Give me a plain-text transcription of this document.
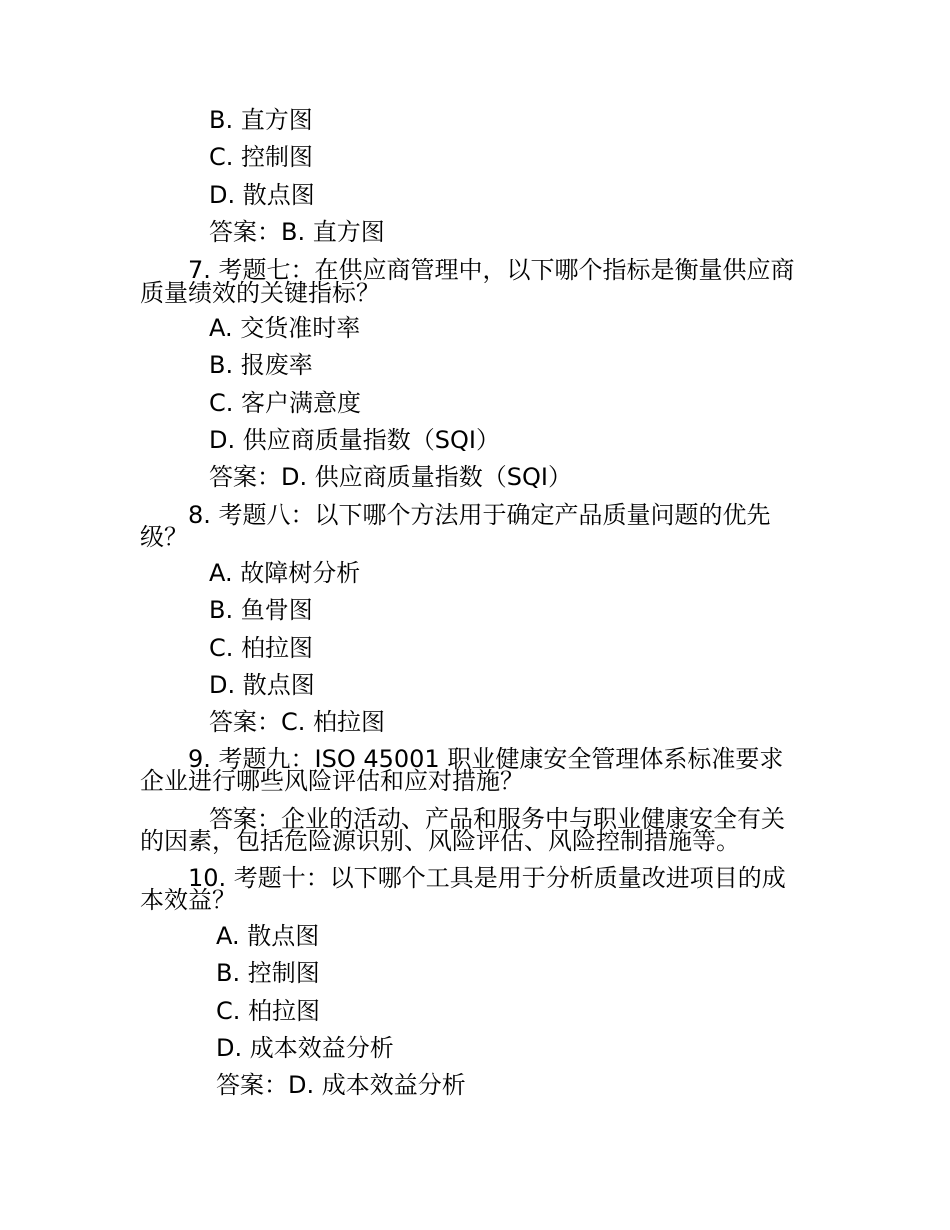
B. 直方图
C. 控制图
D. 散点图
答案：B. 直方图
7. 考题七：在供应商管理中，以下哪个指标是衡量供应商
质量绩效的关键指标？
A. 交货准时率
B. 报废率
C. 客户满意度
D. 供应商质量指数（SQI）
答案：D. 供应商质量指数（SQI）
8. 考题八：以下哪个方法用于确定产品质量问题的优先
级？
A. 故障树分析
B. 鱼骨图
C. 柏拉图
D. 散点图
答案：C. 柏拉图
9. 考题九：ISO 45001 职业健康安全管理体系标准要求
企业进行哪些风险评估和应对措施？
答案：企业的活动、产品和服务中与职业健康安全有关
的因素，包括危险源识别、风险评估、风险控制措施等。
10. 考题十：以下哪个工具是用于分析质量改进项目的成
本效益？
A. 散点图
B. 控制图
C. 柏拉图
D. 成本效益分析
答案：D. 成本效益分析
